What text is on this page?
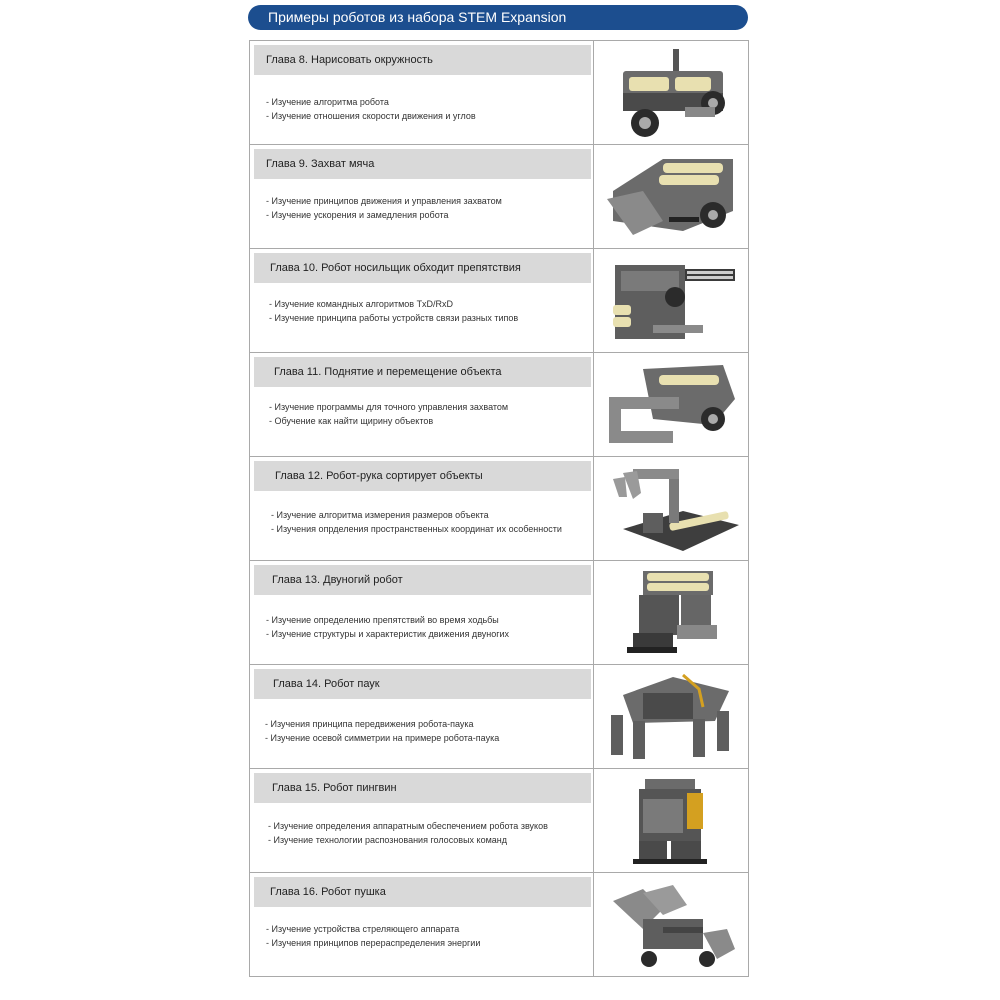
Примеры роботов из набора STEM Expansion
Глава 8. Нарисовать окружность
- Изучение алгоритма робота
- Изучение отношения скорости движения и углов
Глава 9. Захват мяча
- Изучение принципов движения и управления захватом
- Изучение ускорения и замедления робота
Глава 10. Робот носильщик обходит препятствия
- Изучение командных алгоритмов TxD/RxD
- Изучение принципа работы устройств связи разных типов
Глава 11. Поднятие и перемещение объекта
- Изучение программы для точного управления захватом
- Обучение как найти щирину объектов
Глава 12. Робот-рука сортирует объекты
- Изучение алгоритма измерения размеров объекта
- Изучения опрделения пространственных координат их особенности
Глава 13. Двуногий робот
- Изучение определению препятствий во время ходьбы
- Изучение структуры и характеристик движения двуногих
Глава 14. Робот паук
- Изучения принципа передвижения робота-паука
- Изучение осевой симметрии на примере робота-паука
Глава 15. Робот пингвин
- Изучение определения аппаратным обеспечением робота звуков
- Изучение технологии распознования голосовых команд
Глава 16. Робот пушка
- Изучение устройства стреляющего аппарата
- Изучения принципов перераспределения энергии
